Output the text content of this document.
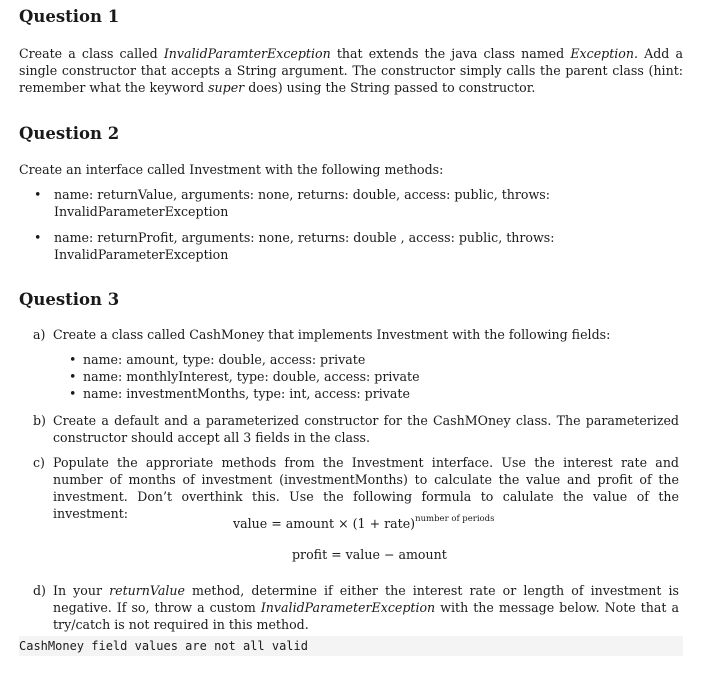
Question 1

Create a class called InvalidParamterException that extends the java class named Exception. Add a single constructor that accepts a String argument. The constructor simply calls the parent class (hint: remember what the keyword super does) using the String passed to constructor.

Question 2

Create an interface called Investment with the following methods:

• name: returnValue, arguments: none, returns: double, access: public, throws: InvalidParameterException
• name: returnProfit, arguments: none, returns: double , access: public, throws: InvalidParameterException
Question 3
a) Create a class called CashMoney that implements Investment with the following fields:
• name: amount, type: double, access: private
• name: monthlyInterest, type: double, access: private
• name: investmentMonths, type: int, access: private
b) Create a default and a parameterized constructor for the CashMOney class. The parameterized constructor should accept all 3 fields in the class.
c) Populate the approriate methods from the Investment interface. Use the interest rate and number of months of investment (investmentMonths) to calculate the value and profit of the investment. Don’t overthink this. Use the following formula to calulate the value of the investment:
value = amount × (1 + rate)$^{number of periods}$
profit = value − amount
d) In your returnValue method, determine if either the interest rate or length of investment is negative. If so, throw a custom InvalidParameterException with the message below. Note that a try/catch is not required in this method.
CashMoney field values are not all valid
